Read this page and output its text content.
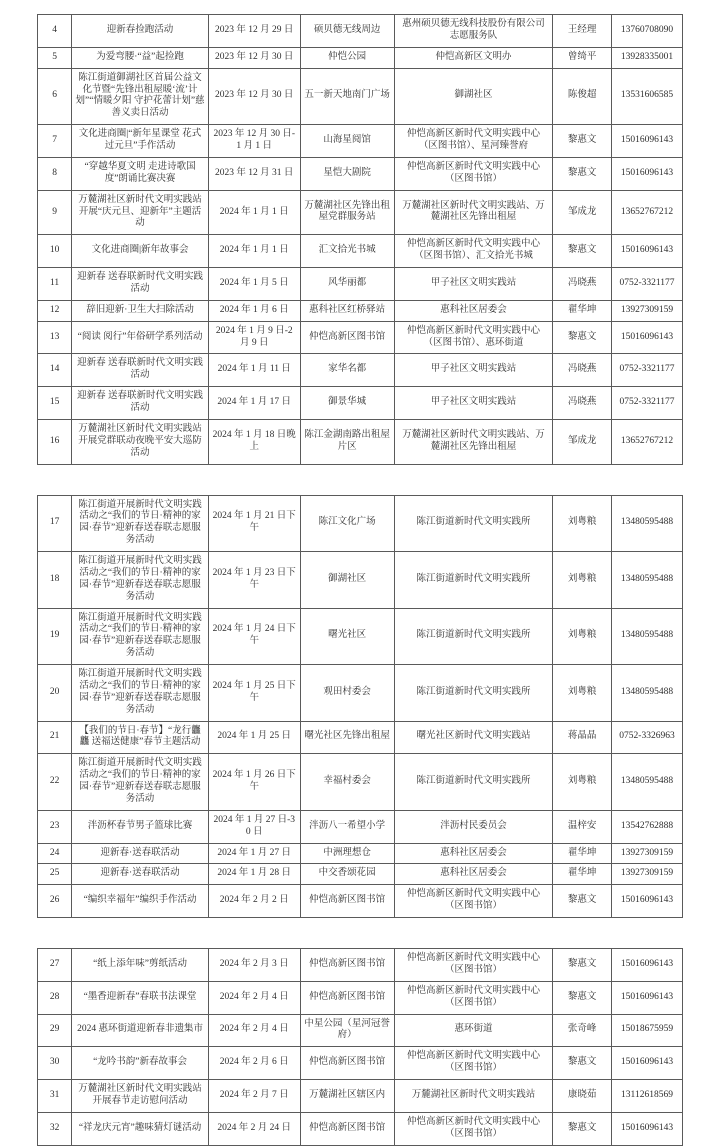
4	迎新春捡跑活动	2023 年 12 月 29 日	硕贝德无线周边	惠州硕贝德无线科技股份有限公司志愿服务队	王经理	13760708090
5	为爱弯腰·“益”起捡跑	2023 年 12 月 30 日	仲恺公园	仲恺高新区文明办	曾绮平	13928335001
6	陈江街道御湖社区首届公益文化节暨“先锋出租屋暖‘流’计划”“情暖夕阳 守护花蕾计划”慈善义卖日活动	2023 年 12 月 30 日	五一新天地南门广场	御湖社区	陈俊超	13531606585
7	文化进商圈|“新年星课堂 花式过元旦”手作活动	2023 年 12 月 30 日-1 月 1 日	山海星阅馆	仲恺高新区新时代文明实践中心（区图书馆）、星河臻誉府	黎惠文	15016096143
8	“穿越华夏文明 走进诗歌国度”朗诵比赛决赛	2023 年 12 月 31 日	星恺大剧院	仲恺高新区新时代文明实践中心（区图书馆）	黎惠文	15016096143
9	万麓湖社区新时代文明实践站开展“庆元旦、迎新年”主题活动	2024 年 1 月 1 日	万麓湖社区先锋出租屋党群服务站	万麓湖社区新时代文明实践站、万麓湖社区先锋出租屋	邹成龙	13652767212
10	文化进商圈|新年故事会	2024 年 1 月 1 日	汇文拾光书城	仲恺高新区新时代文明实践中心（区图书馆）、汇文拾光书城	黎惠文	15016096143
11	迎新春 送春联新时代文明实践活动	2024 年 1 月 5 日	风华丽都	甲子社区文明实践站	冯晓燕	0752-3321177
12	辞旧迎新·卫生大扫除活动	2024 年 1 月 6 日	惠科社区红桥驿站	惠科社区居委会	翟华坤	13927309159
13	“阅读 阅行”年俗研学系列活动	2024 年 1 月 9 日-2 月 9 日	仲恺高新区图书馆	仲恺高新区新时代文明实践中心（区图书馆）、惠环街道	黎惠文	15016096143
14	迎新春 送春联新时代文明实践活动	2024 年 1 月 11 日	家华名都	甲子社区文明实践站	冯晓燕	0752-3321177
15	迎新春 送春联新时代文明实践活动	2024 年 1 月 17 日	御景华城	甲子社区文明实践站	冯晓燕	0752-3321177
16	万麓湖社区新时代文明实践站开展党群联动夜晚平安大巡防活动	2024 年 1 月 18 日晚上	陈江金湖南路出租屋片区	万麓湖社区新时代文明实践站、万麓湖社区先锋出租屋	邹成龙	13652767212
17	陈江街道开展新时代文明实践活动之“我们的节日·精神的家园·春节”迎新春送春联志愿服务活动	2024 年 1 月 21 日下午	陈江文化广场	陈江街道新时代文明实践所	刘粤粮	13480595488
18	陈江街道开展新时代文明实践活动之“我们的节日·精神的家园·春节”迎新春送春联志愿服务活动	2024 年 1 月 23 日下午	御湖社区	陈江街道新时代文明实践所	刘粤粮	13480595488
19	陈江街道开展新时代文明实践活动之“我们的节日·精神的家园·春节”迎新春送春联志愿服务活动	2024 年 1 月 24 日下午	曙光社区	陈江街道新时代文明实践所	刘粤粮	13480595488
20	陈江街道开展新时代文明实践活动之“我们的节日·精神的家园·春节”迎新春送春联志愿服务活动	2024 年 1 月 25 日下午	观田村委会	陈江街道新时代文明实践所	刘粤粮	13480595488
21	【我们的节日·春节】“龙行龘龘 送福送健康”春节主题活动	2024 年 1 月 25 日	曙光社区先锋出租屋	曙光社区新时代文明实践站	蒋晶晶	0752-3326963
22	陈江街道开展新时代文明实践活动之“我们的节日·精神的家园·春节”迎新春送春联志愿服务活动	2024 年 1 月 26 日下午	幸福村委会	陈江街道新时代文明实践所	刘粤粮	13480595488
23	泮沥杯春节男子篮球比赛	2024 年 1 月 27 日-30 日	泮沥八一希望小学	泮沥村民委员会	温梓安	13542762888
24	迎新春·送春联活动	2024 年 1 月 27 日	中洲理想仓	惠科社区居委会	翟华坤	13927309159
25	迎新春·送春联活动	2024 年 1 月 28 日	中交香颂花园	惠科社区居委会	翟华坤	13927309159
26	“编织幸福年”编织手作活动	2024 年 2 月 2 日	仲恺高新区图书馆	仲恺高新区新时代文明实践中心（区图书馆）	黎惠文	15016096143
27	“纸上添年味”剪纸活动	2024 年 2 月 3 日	仲恺高新区图书馆	仲恺高新区新时代文明实践中心（区图书馆）	黎惠文	15016096143
28	“墨香迎新春”春联书法课堂	2024 年 2 月 4 日	仲恺高新区图书馆	仲恺高新区新时代文明实践中心（区图书馆）	黎惠文	15016096143
29	2024 惠环街道迎新春非遗集市	2024 年 2 月 4 日	中星公园（星河冠誉府）	惠环街道	张奇峰	15018675959
30	“龙吟书韵”新春故事会	2024 年 2 月 6 日	仲恺高新区图书馆	仲恺高新区新时代文明实践中心（区图书馆）	黎惠文	15016096143
31	万麓湖社区新时代文明实践站开展春节走访慰问活动	2024 年 2 月 7 日	万麓湖社区辖区内	万麓湖社区新时代文明实践站	康晓茹	13112618569
32	“祥龙庆元宵”趣味猜灯谜活动	2024 年 2 月 24 日	仲恺高新区图书馆	仲恺高新区新时代文明实践中心（区图书馆）	黎惠文	15016096143
